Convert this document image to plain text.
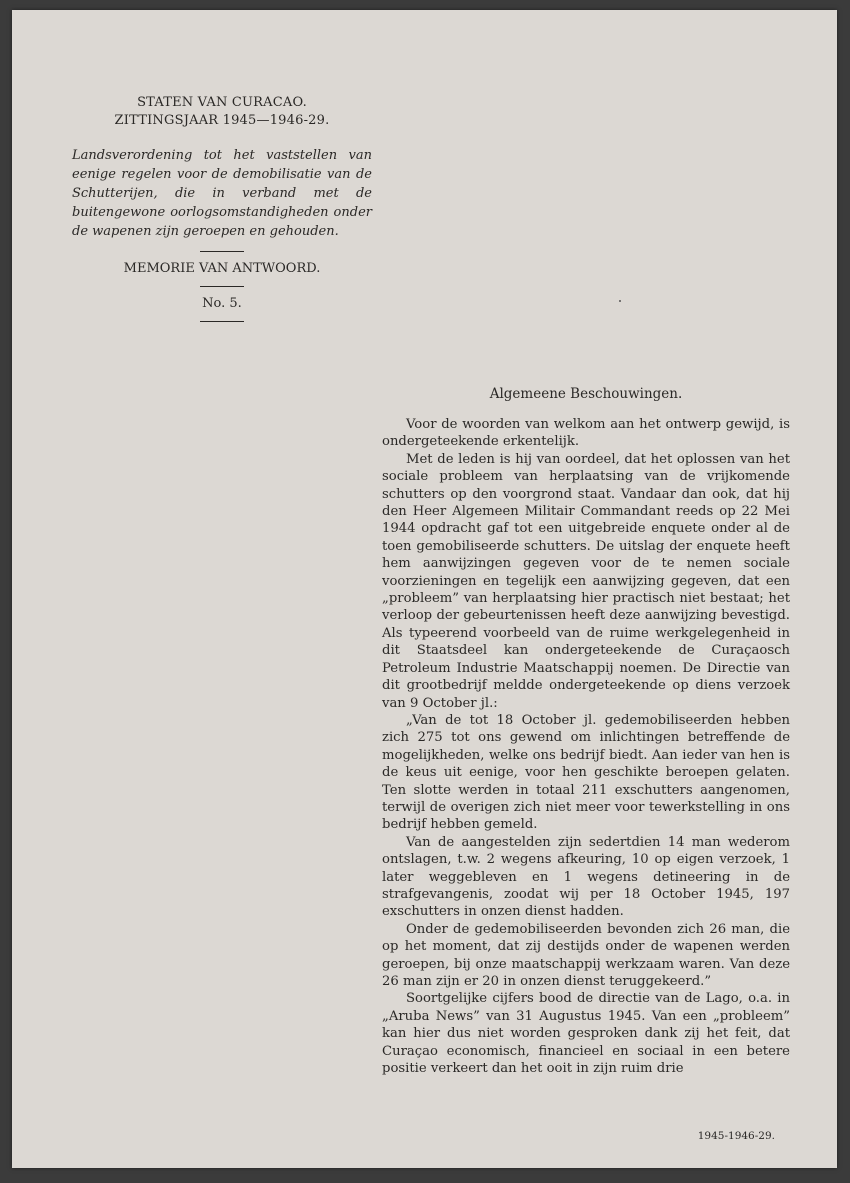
STATEN VAN CURACAO.
ZITTINGSJAAR 1945—1946-29.
Landsverordening tot het vaststellen van eenige regelen voor de demobilisatie van de Schutterijen, die in verband met de buitengewone oorlogsomstandigheden onder de wapenen zijn geroepen en gehouden.
MEMORIE VAN ANTWOORD.
No. 5.
Algemeene Beschouwingen.

Voor de woorden van welkom aan het ontwerp gewijd, is ondergeteekende erkentelijk.

Met de leden is hij van oordeel, dat het oplossen van het sociale probleem van herplaatsing van de vrijkomende schutters op den voorgrond staat. Vandaar dan ook, dat hij den Heer Algemeen Militair Commandant reeds op 22 Mei 1944 opdracht gaf tot een uitgebreide enquete onder al de toen gemobiliseerde schutters. De uitslag der enquete heeft hem aanwijzingen gegeven voor de te nemen sociale voorzieningen en tegelijk een aanwijzing gegeven, dat een „probleem” van herplaatsing hier practisch niet bestaat; het verloop der gebeurtenissen heeft deze aanwijzing bevestigd. Als typeerend voorbeeld van de ruime werkgelegenheid in dit Staatsdeel kan ondergeteekende de Curaçaosch Petroleum Industrie Maatschappij noemen. De Directie van dit grootbedrijf meldde ondergeteekende op diens verzoek van 9 October jl.:

„Van de tot 18 October jl. gedemobiliseerden hebben zich 275 tot ons gewend om inlichtingen betreffende de mogelijkheden, welke ons bedrijf biedt. Aan ieder van hen is de keus uit eenige, voor hen geschikte beroepen gelaten. Ten slotte werden in totaal 211 exschutters aangenomen, terwijl de overigen zich niet meer voor tewerkstelling in ons bedrijf hebben gemeld.

Van de aangestelden zijn sedertdien 14 man wederom ontslagen, t.w. 2 wegens afkeuring, 10 op eigen verzoek, 1 later weggebleven en 1 wegens detineering in de strafgevangenis, zoodat wij per 18 October 1945, 197 exschutters in onzen dienst hadden.

Onder de gedemobiliseerden bevonden zich 26 man, die op het moment, dat zij destijds onder de wapenen werden geroepen, bij onze maatschappij werkzaam waren. Van deze 26 man zijn er 20 in onzen dienst teruggekeerd.”

Soortgelijke cijfers bood de directie van de Lago, o.a. in „Aruba News” van 31 Augustus 1945. Van een „probleem” kan hier dus niet worden gesproken dank zij het feit, dat Curaçao economisch, financieel en sociaal in een betere positie verkeert dan het ooit in zijn ruim drie

1945-1946-29.
